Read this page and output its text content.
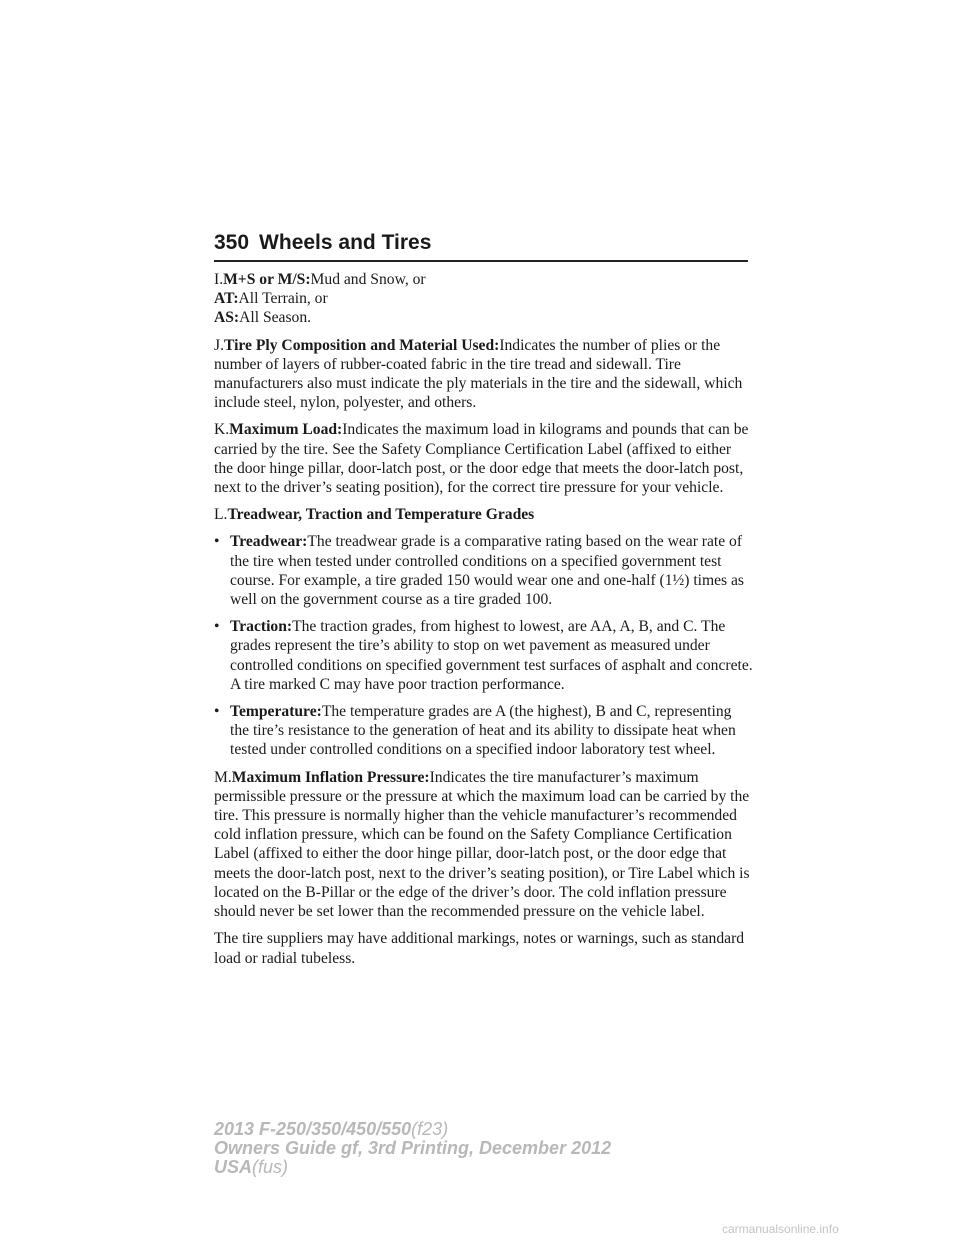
350 Wheels and Tires

I.M+S or M/S:Mud and Snow, or

AT:All Terrain, or

AS:All Season.

J.Tire Ply Composition and Material Used:Indicates the number of plies or the number of layers of rubber-coated fabric in the tire tread and sidewall. Tire manufacturers also must indicate the ply materials in the tire and the sidewall, which include steel, nylon, polyester, and others.

K.Maximum Load:Indicates the maximum load in kilograms and pounds that can be carried by the tire. See the Safety Compliance Certification Label (affixed to either the door hinge pillar, door-latch post, or the door edge that meets the door-latch post, next to the driver’s seating position), for the correct tire pressure for your vehicle.

L.Treadwear, Traction and Temperature Grades

• Treadwear:The treadwear grade is a comparative rating based on the wear rate of the tire when tested under controlled conditions on a specified government test course. For example, a tire graded 150 would wear one and one-half (1½) times as well on the government course as a tire graded 100.
• Traction:The traction grades, from highest to lowest, are AA, A, B, and C. The grades represent the tire’s ability to stop on wet pavement as measured under controlled conditions on specified government test surfaces of asphalt and concrete. A tire marked C may have poor traction performance.
• Temperature:The temperature grades are A (the highest), B and C, representing the tire’s resistance to the generation of heat and its ability to dissipate heat when tested under controlled conditions on a specified indoor laboratory test wheel.

M.Maximum Inflation Pressure:Indicates the tire manufacturer’s maximum permissible pressure or the pressure at which the maximum load can be carried by the tire. This pressure is normally higher than the vehicle manufacturer’s recommended cold inflation pressure, which can be found on the Safety Compliance Certification Label (affixed to either the door hinge pillar, door-latch post, or the door edge that meets the door-latch post, next to the driver’s seating position), or Tire Label which is located on the B-Pillar or the edge of the driver’s door. The cold inflation pressure should never be set lower than the recommended pressure on the vehicle label.

The tire suppliers may have additional markings, notes or warnings, such as standard load or radial tubeless.

2013 F-250/350/450/550(f23)
Owners Guide gf, 3rd Printing, December 2012
USA(fus)
carmanualsonline.info
